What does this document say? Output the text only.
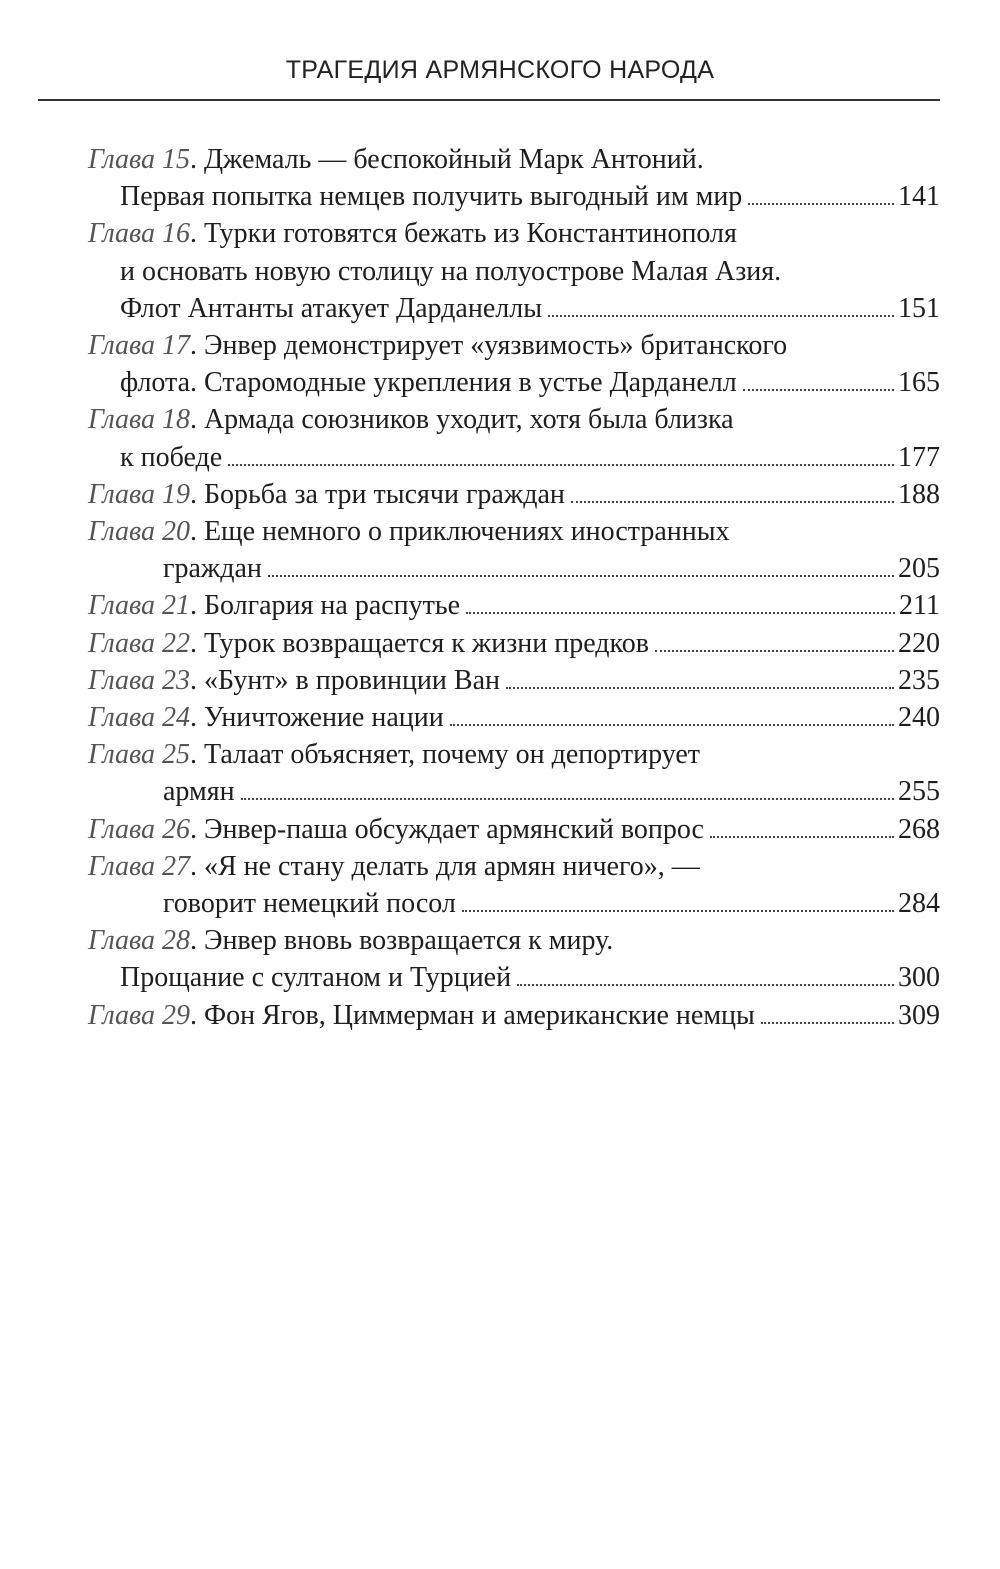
ТРАГЕДИЯ АРМЯНСКОГО НАРОДА
Глава 15. Джемаль — беспокойный Марк Антоний.
Первая попытка немцев получить выгодный им мир	141
Глава 16. Турки готовятся бежать из Константинополя
и основать новую столицу на полуострове Малая Азия.
Флот Антанты атакует Дарданеллы	151
Глава 17. Энвер демонстрирует «уязвимость» британского
флота. Старомодные укрепления в устье Дарданелл	165
Глава 18. Армада союзников уходит, хотя была близка
к победе	177
Глава 19. Борьба за три тысячи граждан	188
Глава 20. Еще немного о приключениях иностранных
граждан	205
Глава 21. Болгария на распутье	211
Глава 22. Турок возвращается к жизни предков	220
Глава 23. «Бунт» в провинции Ван	235
Глава 24. Уничтожение нации	240
Глава 25. Талаат объясняет, почему он депортирует
армян	255
Глава 26. Энвер-паша обсуждает армянский вопрос	268
Глава 27. «Я не стану делать для армян ничего», —
говорит немецкий посол	284
Глава 28. Энвер вновь возвращается к миру.
Прощание с султаном и Турцией	300
Глава 29. Фон Ягов, Циммерман и американские немцы	309
